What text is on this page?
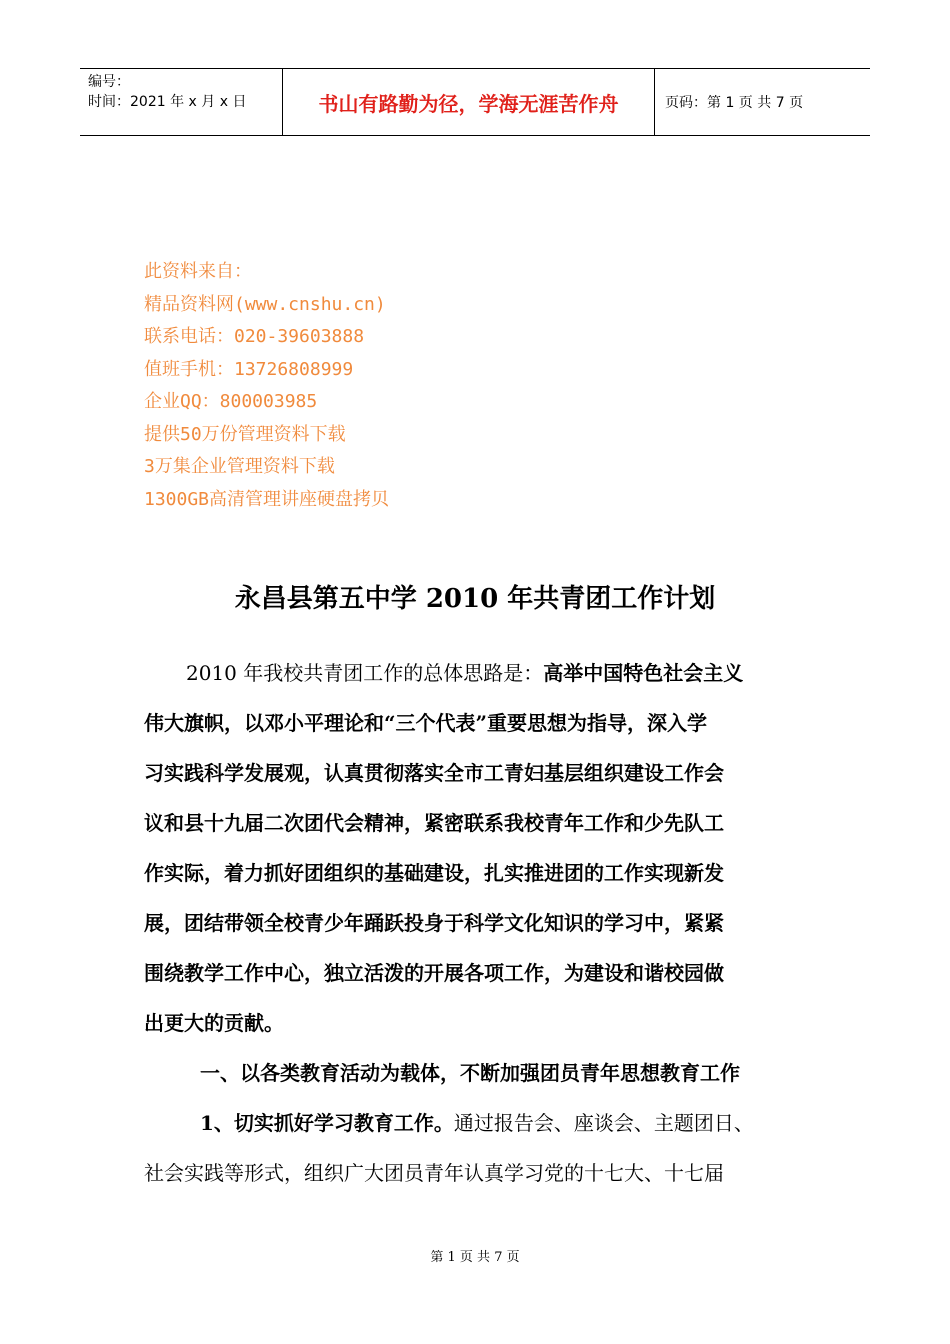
编号：
时间：2021 年 x 月 x 日	书山有路勤为径，学海无涯苦作舟	页码：第 1 页 共 7 页
此资料来自：
精品资料网(www.cnshu.cn)
联系电话：020-39603888
值班手机：13726808999
企业QQ：800003985
提供50万份管理资料下载
3万集企业管理资料下载
1300GB高清管理讲座硬盘拷贝
永昌县第五中学 2010 年共青团工作计划

2010 年我校共青团工作的总体思路是：高举中国特色社会主义
伟大旗帜，以邓小平理论和“三个代表”重要思想为指导，深入学
习实践科学发展观，认真贯彻落实全市工青妇基层组织建设工作会
议和县十九届二次团代会精神，紧密联系我校青年工作和少先队工
作实际，着力抓好团组织的基础建设，扎实推进团的工作实现新发
展，团结带领全校青少年踊跃投身于科学文化知识的学习中，紧紧
围绕教学工作中心，独立活泼的开展各项工作，为建设和谐校园做
出更大的贡献。

一、以各类教育活动为载体，不断加强团员青年思想教育工作

1、切实抓好学习教育工作。通过报告会、座谈会、主题团日、
社会实践等形式，组织广大团员青年认真学习党的十七大、十七届

第 1 页 共 7 页
